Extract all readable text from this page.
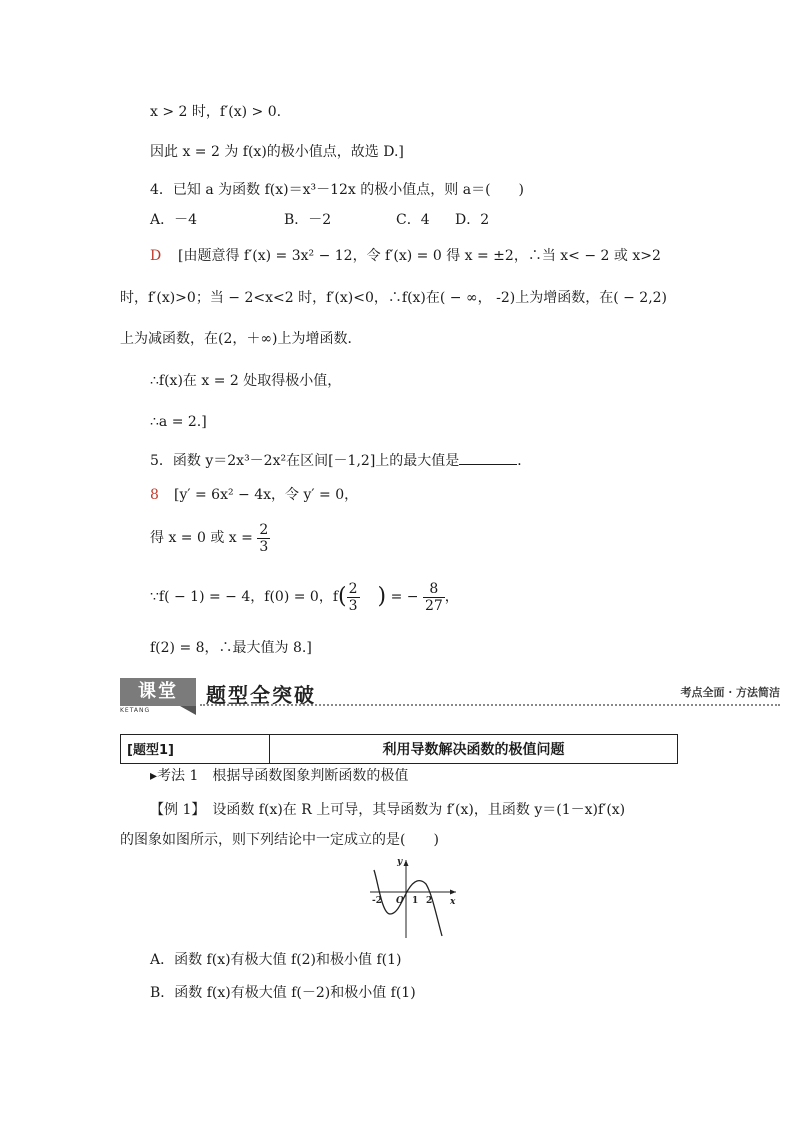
x > 2 时，f′(x) > 0.
因此 x = 2 为 f(x)的极小值点，故选 D.]
4．已知 a 为函数 f(x)＝x³－12x 的极小值点，则 a＝(　　)
A．－4	B．－2	C．4 D．2
D [由题意得 f′(x) = 3x² − 12，令 f′(x) = 0 得 x = ±2，∴当 x< − 2 或 x>2
时，f′(x)>0；当 − 2<x<2 时，f′(x)<0，∴f(x)在( − ∞， -2)上为增函数，在( − 2,2)
上为减函数，在(2，＋∞)上为增函数．
∴f(x)在 x = 2 处取得极小值，
∴a = 2.]
5．函数 y＝2x³－2x²在区间[－1,2]上的最大值是	．
8 [y′ = 6x² − 4x，令 y′ = 0，
得 x = 0 或 $x = \frac{2}{3}$
∵f( − 1) = − 4，f(0) = 0，$f( \frac{2}{3}$ ) = − $\frac{8}{27}$ ，
f(2) = 8，∴最大值为 8.]
课堂
KETANG
题型全突破	考点全面 · 方法简洁
[题型1]	利用导数解决函数的极值问题
▸考法 1　根据导函数图象判断函数的极值
【例 1】　设函数 f(x)在 R 上可导，其导函数为 f′(x)，且函数 y＝(1－x)f′(x)
的图象如图所示，则下列结论中一定成立的是(　　)
y
x
-2 O 1 2
A．函数 f(x)有极大值 f(2)和极小值 f(1)
B．函数 f(x)有极大值 f(－2)和极小值 f(1)
